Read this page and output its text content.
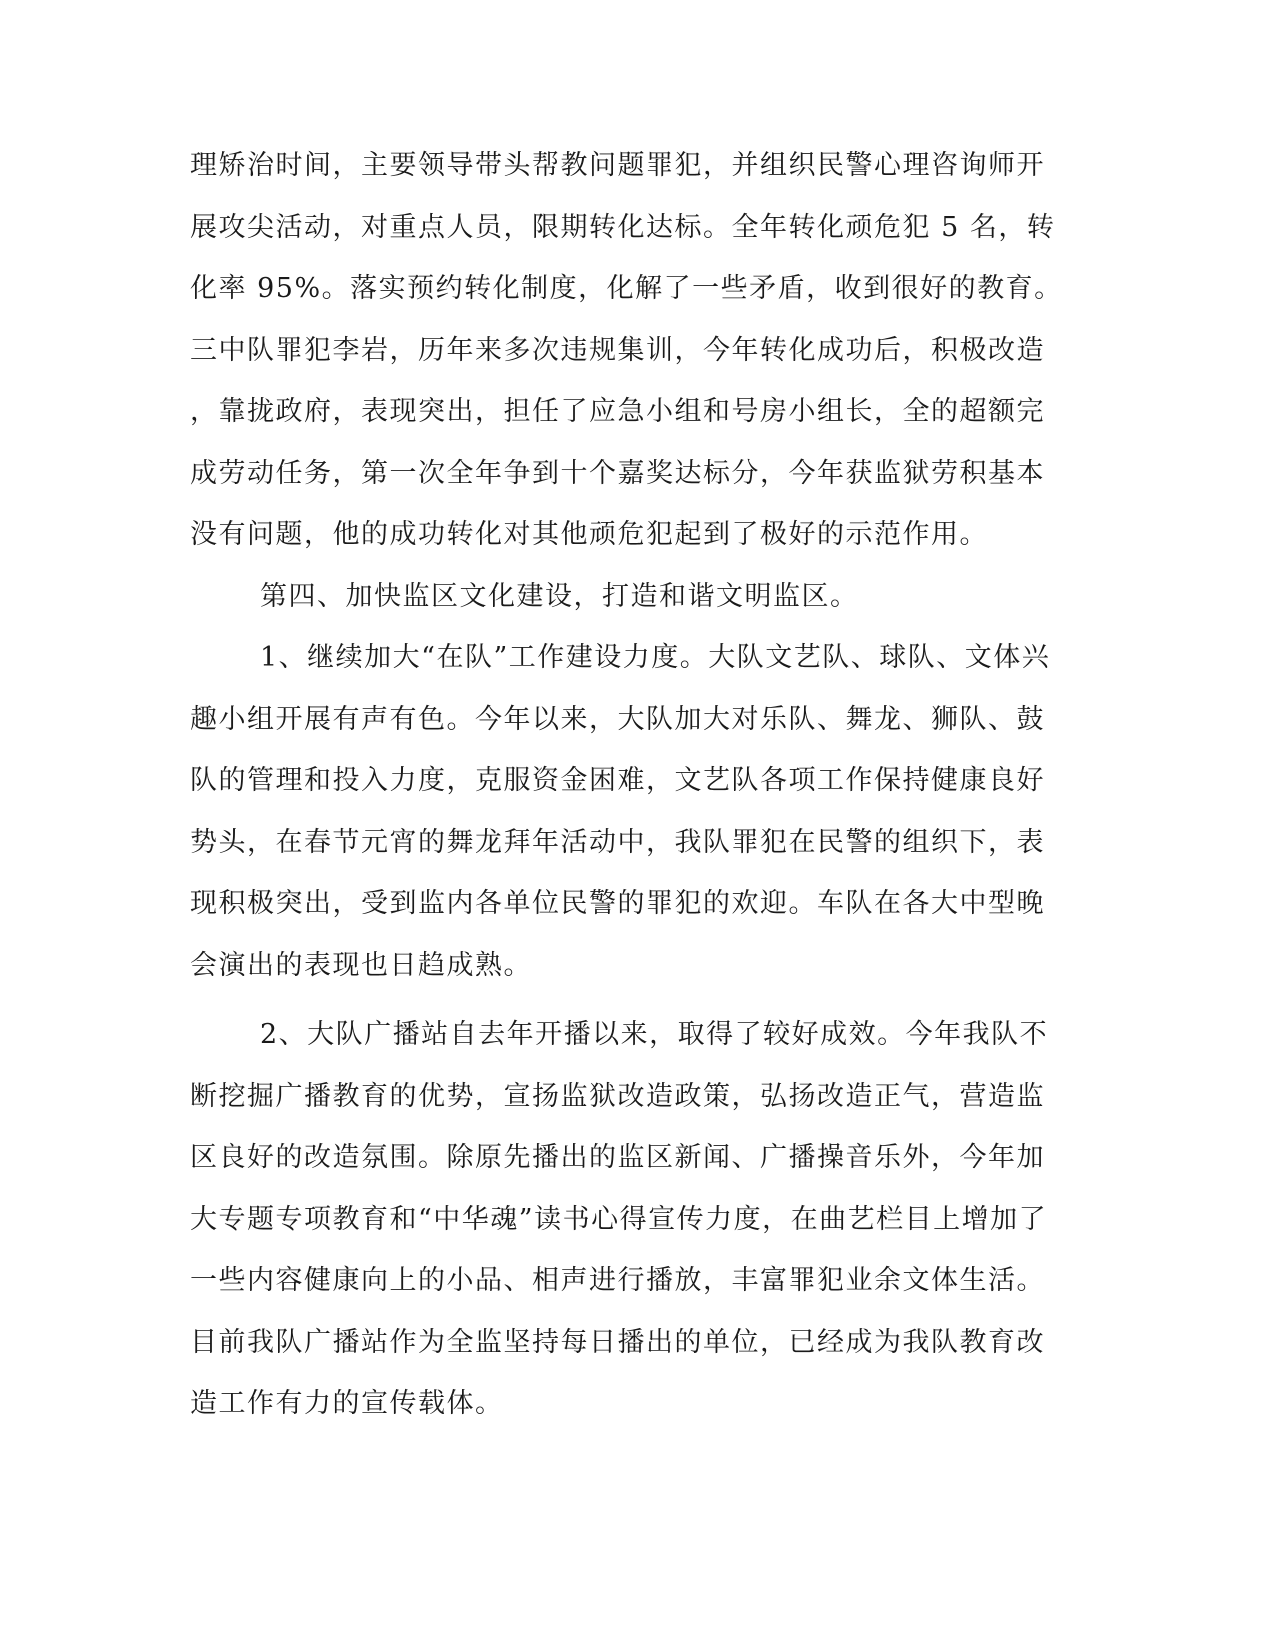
理矫治时间，主要领导带头帮教问题罪犯，并组织民警心理咨询师开
展攻尖活动，对重点人员，限期转化达标。全年转化顽危犯 5 名，转
化率 95%。落实预约转化制度，化解了一些矛盾，收到很好的教育。
三中队罪犯李岩，历年来多次违规集训，今年转化成功后，积极改造
，靠拢政府，表现突出，担任了应急小组和号房小组长，全的超额完
成劳动任务，第一次全年争到十个嘉奖达标分，今年获监狱劳积基本
没有问题，他的成功转化对其他顽危犯起到了极好的示范作用。
第四、加快监区文化建设，打造和谐文明监区。
1、继续加大“在队”工作建设力度。大队文艺队、球队、文体兴
趣小组开展有声有色。今年以来，大队加大对乐队、舞龙、狮队、鼓
队的管理和投入力度，克服资金困难，文艺队各项工作保持健康良好
势头，在春节元宵的舞龙拜年活动中，我队罪犯在民警的组织下，表
现积极突出，受到监内各单位民警的罪犯的欢迎。车队在各大中型晚
会演出的表现也日趋成熟。
2、大队广播站自去年开播以来，取得了较好成效。今年我队不
断挖掘广播教育的优势，宣扬监狱改造政策，弘扬改造正气，营造监
区良好的改造氛围。除原先播出的监区新闻、广播操音乐外，今年加
大专题专项教育和“中华魂”读书心得宣传力度，在曲艺栏目上增加了
一些内容健康向上的小品、相声进行播放，丰富罪犯业余文体生活。
目前我队广播站作为全监坚持每日播出的单位，已经成为我队教育改
造工作有力的宣传载体。
